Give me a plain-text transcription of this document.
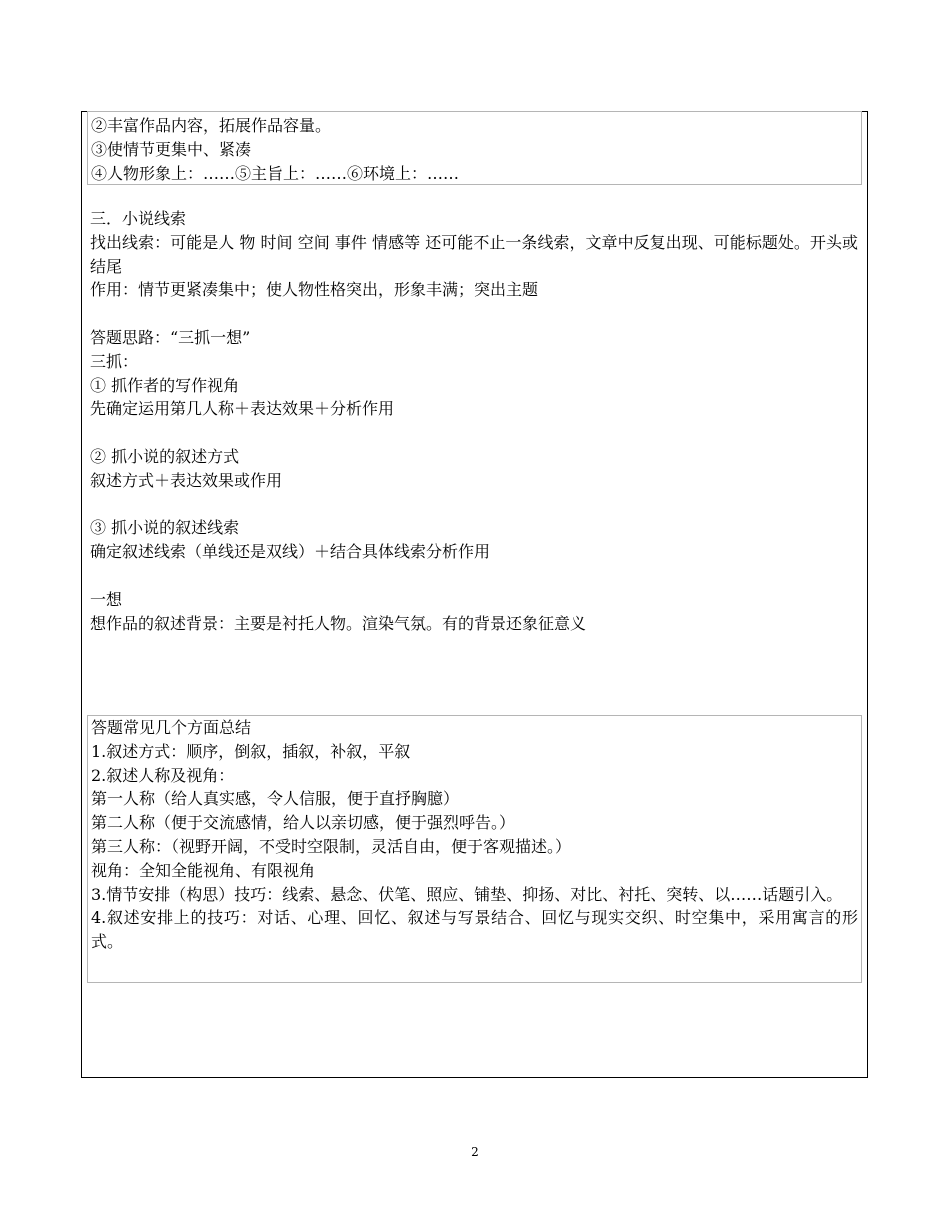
②丰富作品内容，拓展作品容量。
③使情节更集中、紧凑
④人物形象上：……⑤主旨上：……⑥环境上：……
三．小说线索
找出线索：可能是人 物 时间 空间 事件 情感等 还可能不止一条线索，文章中反复出现、可能标题处。开头或结尾
作用：情节更紧凑集中；使人物性格突出，形象丰满；突出主题
答题思路：“三抓一想”
三抓：
① 抓作者的写作视角
先确定运用第几人称＋表达效果＋分析作用
② 抓小说的叙述方式
叙述方式＋表达效果或作用
③ 抓小说的叙述线索
确定叙述线索（单线还是双线）＋结合具体线索分析作用
一想
想作品的叙述背景：主要是衬托人物。渲染气氛。有的背景还象征意义
答题常见几个方面总结
1.叙述方式：顺序，倒叙，插叙，补叙，平叙
2.叙述人称及视角：
第一人称（给人真实感，令人信服，便于直抒胸臆）
第二人称（便于交流感情，给人以亲切感，便于强烈呼告。）
第三人称：（视野开阔，不受时空限制，灵活自由，便于客观描述。）
视角：全知全能视角、有限视角
3.情节安排（构思）技巧：线索、悬念、伏笔、照应、铺垫、抑扬、对比、衬托、突转、以……话题引入。
4.叙述安排上的技巧：对话、心理、回忆、叙述与写景结合、回忆与现实交织、时空集中，采用寓言的形式。
2
